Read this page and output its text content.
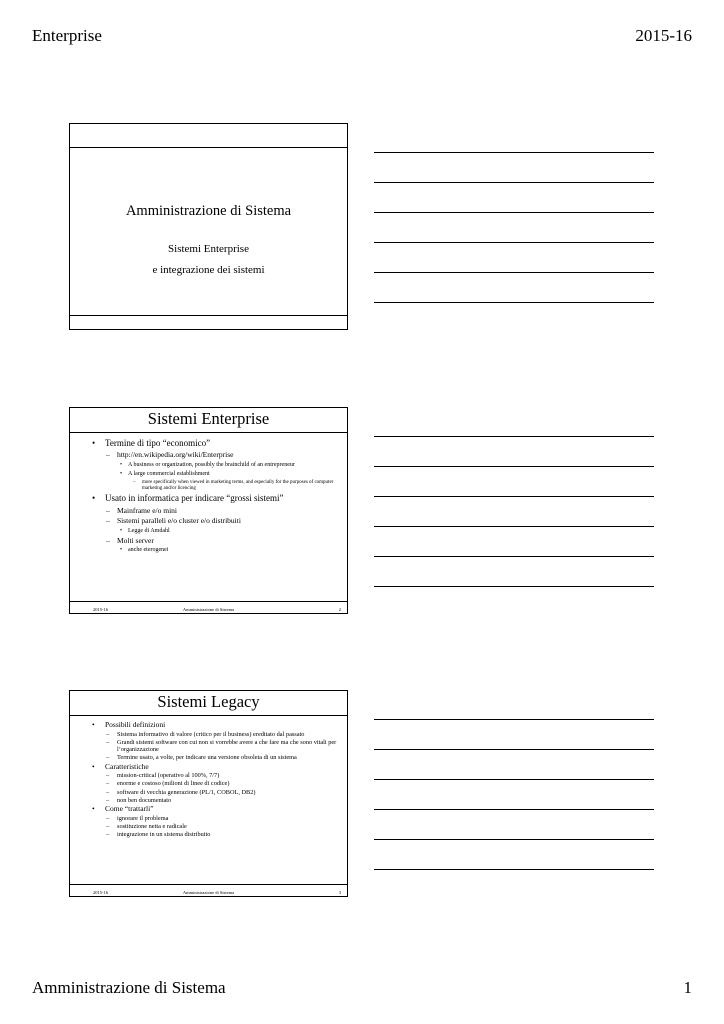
Enterprise	2015-16
Amministrazione di Sistema
Sistemi Enterprise
e integrazione dei sistemi
Sistemi Enterprise
• Termine di tipo “economico”
– http://en.wikipedia.org/wiki/Enterprise
• A business or organization, possibly the brainchild of an entrepreneur
• A large commercial establishment
– more specifically when viewed in marketing terms, and especially for the purposes of computer marketing and/or licencing
• Usato in informatica per indicare “grossi sistemi”
– Mainframe e/o mini
– Sistemi paralleli e/o cluster e/o distribuiti
• Legge di Amdahl
– Molti server
• anche eterogenei
2015-16	Amministrazione di Sistema	2
Sistemi Legacy
• Possibili definizioni
– Sistema informativo di valore (critico per il business) ereditato dal passato
– Grandi sistemi software con cui non si vorrebbe avere a che fare ma che sono vitali per l’organizzazione
– Termine usato, a volte, per indicare una versione obsoleta di un sistema
• Caratteristiche
– mission-critical (operativo al 100%, 7/7)
– enorme e costoso (milioni di linee di codice)
– software di vecchia generazione (PL/1, COBOL, DB2)
– non ben documentato
• Come “trattarli”
– ignorare il problema
– sostituzione netta e radicale
– integrazione in un sistema distribuito
2015-16	Amministrazione di Sistema	3
Amministrazione di Sistema	1
